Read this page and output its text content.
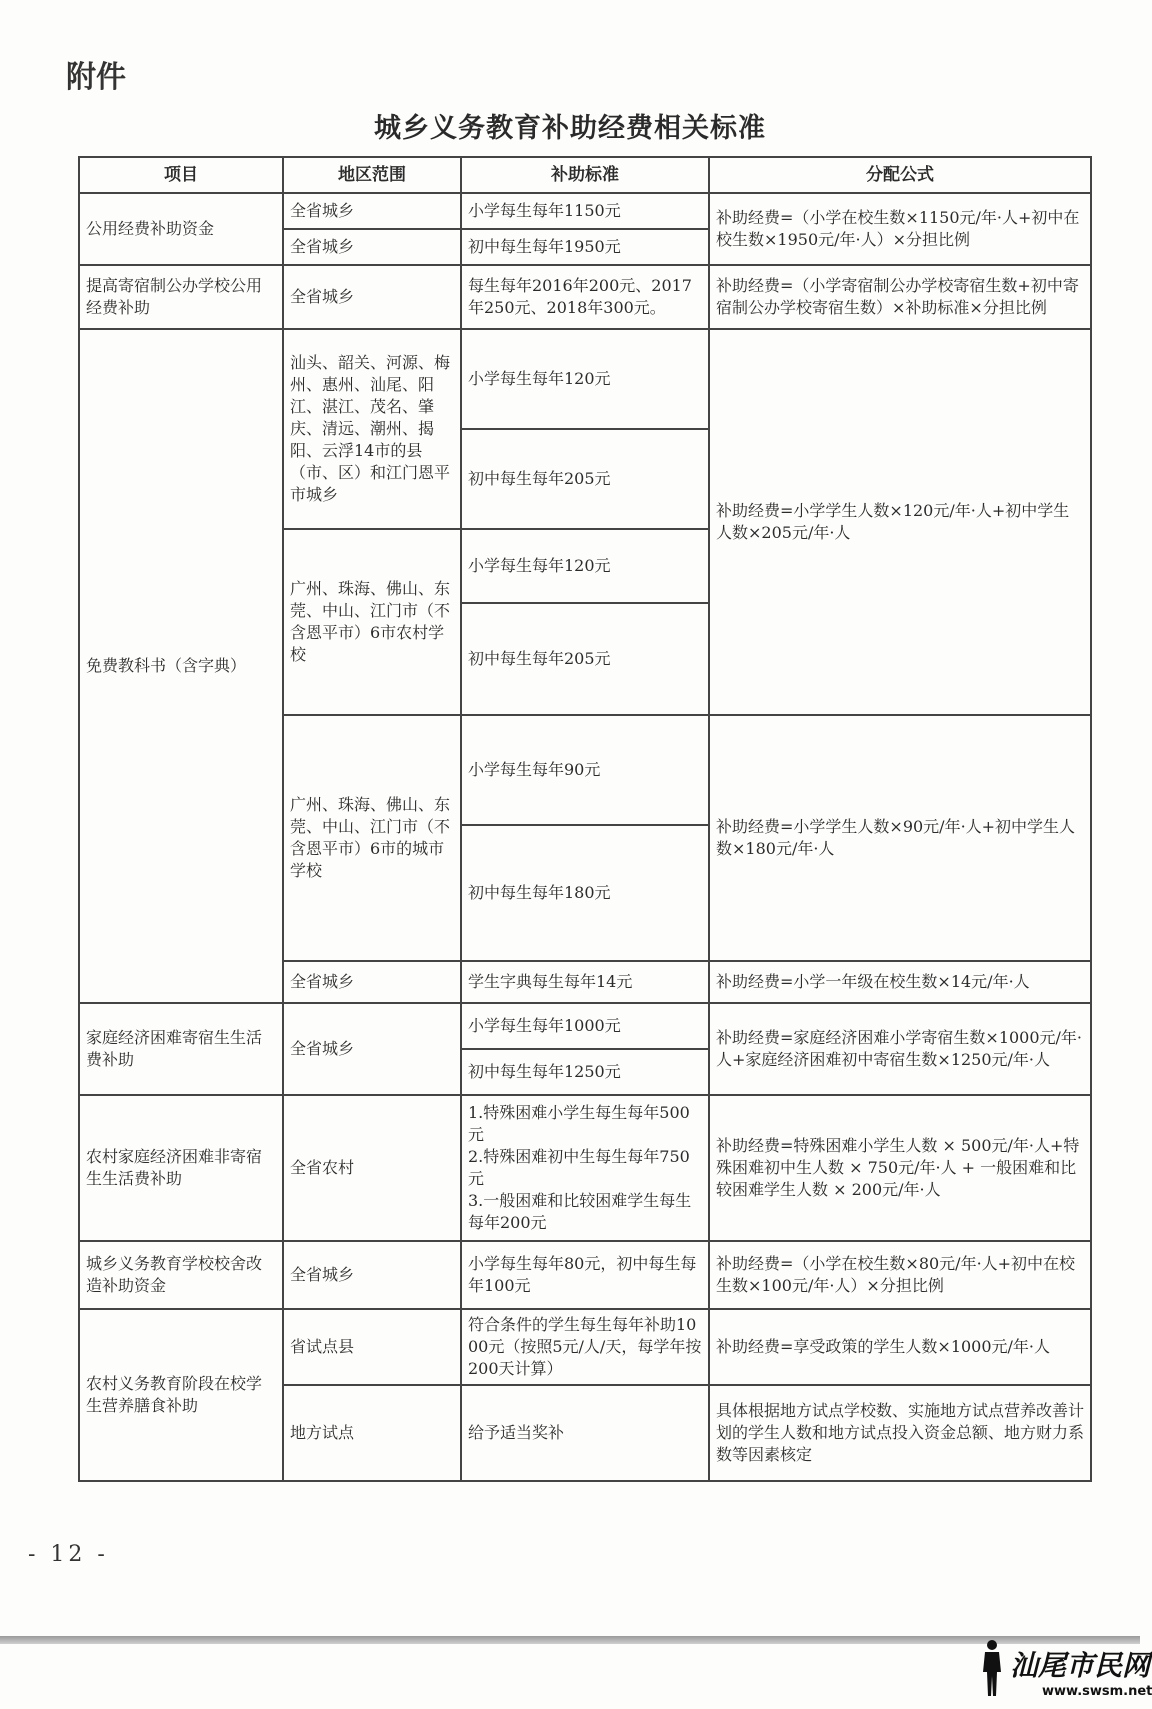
附件
城乡义务教育补助经费相关标准
项目	地区范围	补助标准	分配公式
公用经费补助资金	全省城乡	小学每生每年1150元	补助经费=（小学在校生数×1150元/年·人+初中在校生数×1950元/年·人）×分担比例
	全省城乡	初中每生每年1950元	
提高寄宿制公办学校公用经费补助	全省城乡	每生每年2016年200元、2017年250元、2018年300元。	补助经费=（小学寄宿制公办学校寄宿生数+初中寄宿制公办学校寄宿生数）×补助标准×分担比例
免费教科书（含字典）	汕头、韶关、河源、梅州、惠州、汕尾、阳江、湛江、茂名、肇庆、清远、潮州、揭阳、云浮14市的县（市、区）和江门恩平市城乡	小学每生每年120元	补助经费=小学学生人数×120元/年·人+初中学生人数×205元/年·人
		初中每生每年205元	
	广州、珠海、佛山、东莞、中山、江门市（不含恩平市）6市农村学校	小学每生每年120元	
		初中每生每年205元	
	广州、珠海、佛山、东莞、中山、江门市（不含恩平市）6市的城市学校	小学每生每年90元	补助经费=小学学生人数×90元/年·人+初中学生人数×180元/年·人
		初中每生每年180元	
	全省城乡	学生字典每生每年14元	补助经费=小学一年级在校生数×14元/年·人
家庭经济困难寄宿生生活费补助	全省城乡	小学每生每年1000元	补助经费=家庭经济困难小学寄宿生数×1000元/年·人+家庭经济困难初中寄宿生数×1250元/年·人
		初中每生每年1250元	
农村家庭经济困难非寄宿生生活费补助	全省农村	1.特殊困难小学生每生每年500元
2.特殊困难初中生每生每年750元
3.一般困难和比较困难学生每生每年200元	补助经费=特殊困难小学生人数 × 500元/年·人+特殊困难初中生人数 × 750元/年·人 + 一般困难和比较困难学生人数 × 200元/年·人
城乡义务教育学校校舍改造补助资金	全省城乡	小学每生每年80元，初中每生每年100元	补助经费=（小学在校生数×80元/年·人+初中在校生数×100元/年·人）×分担比例
农村义务教育阶段在校学生营养膳食补助	省试点县	符合条件的学生每生每年补助1000元（按照5元/人/天，每学年按200天计算）	补助经费=享受政策的学生人数×1000元/年·人
	地方试点	给予适当奖补	具体根据地方试点学校数、实施地方试点营养改善计划的学生人数和地方试点投入资金总额、地方财力系数等因素核定
- 12 -
汕尾市民网
www.swsm.net
